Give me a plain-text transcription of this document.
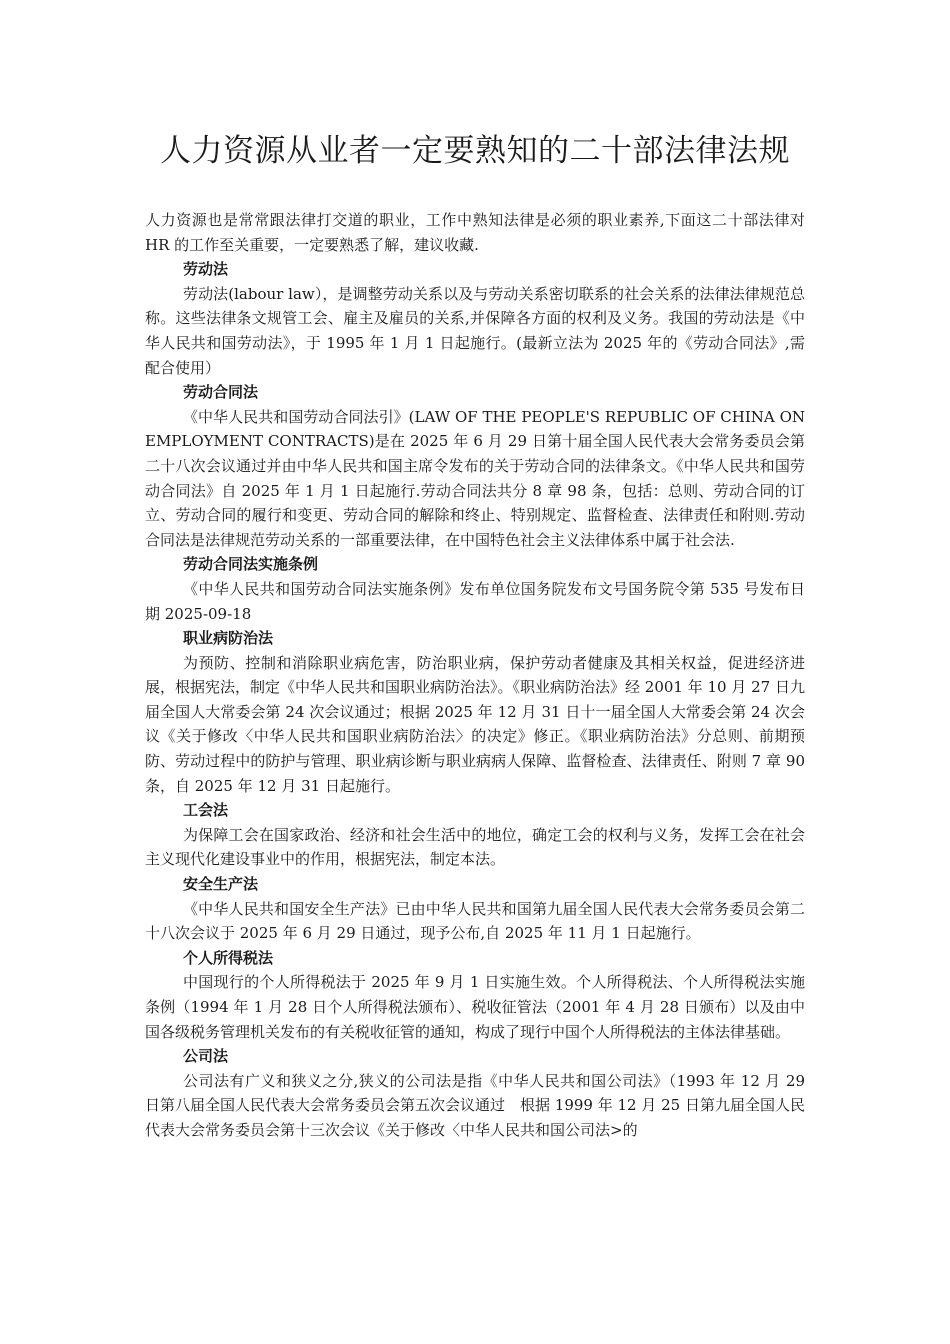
人力资源从业者一定要熟知的二十部法律法规

人力资源也是常常跟法律打交道的职业，工作中熟知法律是必须的职业素养,下面这二十部法律对 HR 的工作至关重要，一定要熟悉了解，建议收藏.

劳动法

劳动法(labour law），是调整劳动关系以及与劳动关系密切联系的社会关系的法律法律规范总称。这些法律条文规管工会、雇主及雇员的关系,并保障各方面的权利及义务。我国的劳动法是《中华人民共和国劳动法》，于 1995 年 1 月 1 日起施行。(最新立法为 2025 年的《劳动合同法》,需配合使用）

劳动合同法

《中华人民共和国劳动合同法引》(LAW OF THE PEOPLE'S REPUBLIC OF CHINA ON EMPLOYMENT CONTRACTS)是在 2025 年 6 月 29 日第十届全国人民代表大会常务委员会第二十八次会议通过并由中华人民共和国主席令发布的关于劳动合同的法律条文。《中华人民共和国劳动合同法》自 2025 年 1 月 1 日起施行.劳动合同法共分 8 章 98 条，包括：总则、劳动合同的订立、劳动合同的履行和变更、劳动合同的解除和终止、特别规定、监督检查、法律责任和附则.劳动合同法是法律规范劳动关系的一部重要法律，在中国特色社会主义法律体系中属于社会法.

劳动合同法实施条例

《中华人民共和国劳动合同法实施条例》发布单位国务院发布文号国务院令第 535 号发布日期 2025-09-18

职业病防治法

为预防、控制和消除职业病危害，防治职业病，保护劳动者健康及其相关权益，促进经济进展，根据宪法，制定《中华人民共和国职业病防治法》。《职业病防治法》经 2001 年 10 月 27 日九届全国人大常委会第 24 次会议通过；根据 2025 年 12 月 31 日十一届全国人大常委会第 24 次会议《关于修改〈中华人民共和国职业病防治法〉的决定》修正。《职业病防治法》分总则、前期预防、劳动过程中的防护与管理、职业病诊断与职业病病人保障、监督检查、法律责任、附则 7 章 90 条，自 2025 年 12 月 31 日起施行。

工会法

为保障工会在国家政治、经济和社会生活中的地位，确定工会的权利与义务，发挥工会在社会主义现代化建设事业中的作用，根据宪法，制定本法。

安全生产法

《中华人民共和国安全生产法》已由中华人民共和国第九届全国人民代表大会常务委员会第二十八次会议于 2025 年 6 月 29 日通过，现予公布,自 2025 年 11 月 1 日起施行。

个人所得税法

中国现行的个人所得税法于 2025 年 9 月 1 日实施生效。个人所得税法、个人所得税法实施条例（1994 年 1 月 28 日个人所得税法颁布）、税收征管法（2001 年 4 月 28 日颁布）以及由中国各级税务管理机关发布的有关税收征管的通知，构成了现行中国个人所得税法的主体法律基础。

公司法

公司法有广义和狭义之分,狭义的公司法是指《中华人民共和国公司法》（1993 年 12 月 29 日第八届全国人民代表大会常务委员会第五次会议通过　根据 1999 年 12 月 25 日第九届全国人民代表大会常务委员会第十三次会议《关于修改〈中华人民共和国公司法>的
